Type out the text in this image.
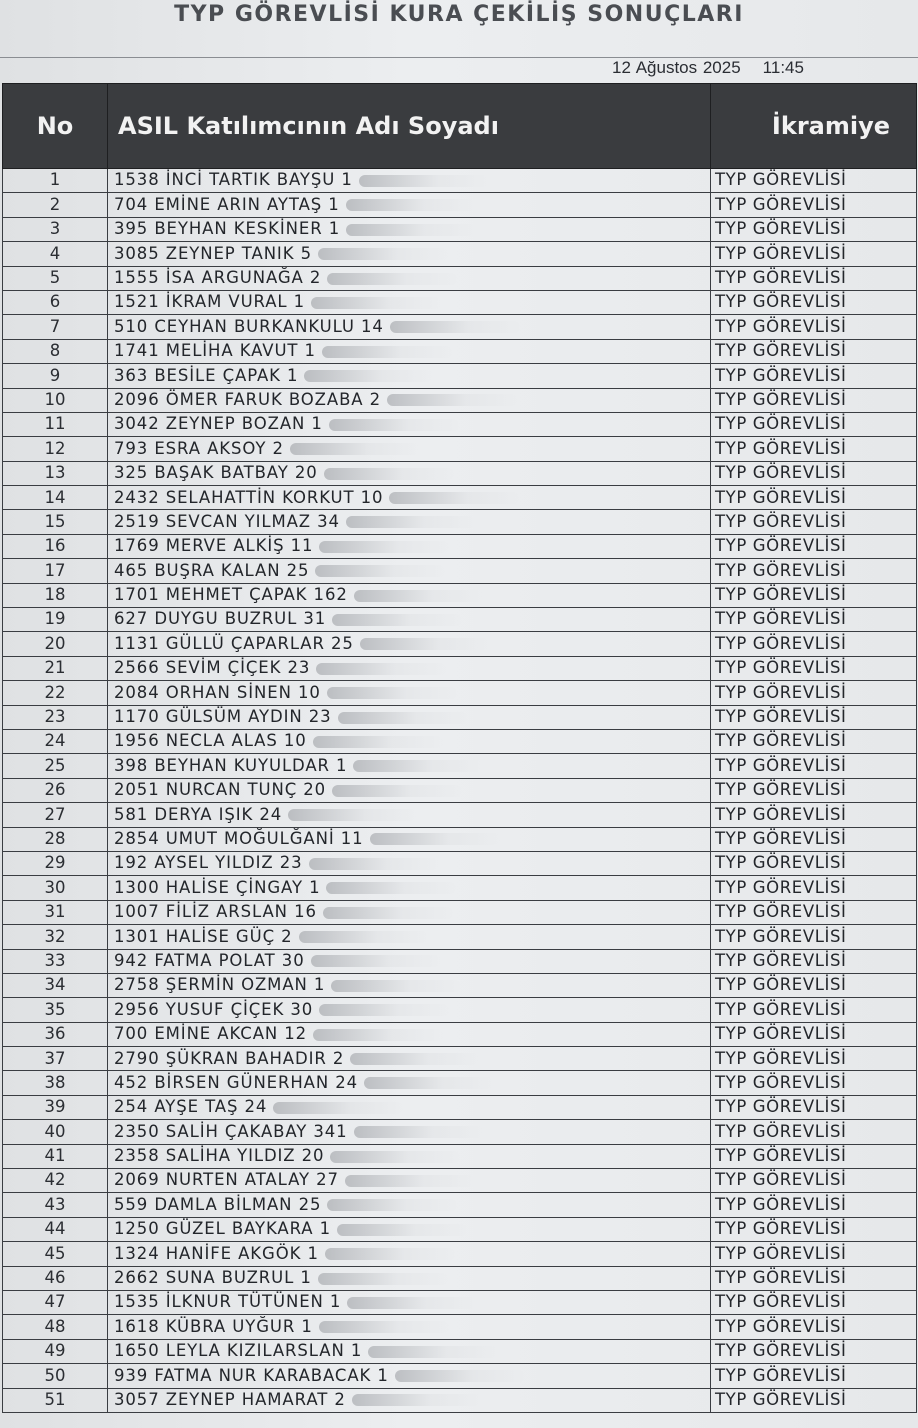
TYP GÖREVLİSİ KURA ÇEKİLİŞ SONUÇLARI
12 Ağustos 2025 11:45
No	ASIL Katılımcının Adı Soyadı	İkramiye
1	1538 İNCİ TARTIK BAYŞU 1	TYP GÖREVLİSİ
2	704 EMİNE ARIN AYTAŞ 1	TYP GÖREVLİSİ
3	395 BEYHAN KESKİNER 1	TYP GÖREVLİSİ
4	3085 ZEYNEP TANIK 5	TYP GÖREVLİSİ
5	1555 İSA ARGUNAĞA 2	TYP GÖREVLİSİ
6	1521 İKRAM VURAL 1	TYP GÖREVLİSİ
7	510 CEYHAN BURKANKULU 14	TYP GÖREVLİSİ
8	1741 MELİHA KAVUT 1	TYP GÖREVLİSİ
9	363 BESİLE ÇAPAK 1	TYP GÖREVLİSİ
10	2096 ÖMER FARUK BOZABA 2	TYP GÖREVLİSİ
11	3042 ZEYNEP BOZAN 1	TYP GÖREVLİSİ
12	793 ESRA AKSOY 2	TYP GÖREVLİSİ
13	325 BAŞAK BATBAY 20	TYP GÖREVLİSİ
14	2432 SELAHATTİN KORKUT 10	TYP GÖREVLİSİ
15	2519 SEVCAN YILMAZ 34	TYP GÖREVLİSİ
16	1769 MERVE ALKİŞ 11	TYP GÖREVLİSİ
17	465 BUŞRA KALAN 25	TYP GÖREVLİSİ
18	1701 MEHMET ÇAPAK 162	TYP GÖREVLİSİ
19	627 DUYGU BUZRUL 31	TYP GÖREVLİSİ
20	1131 GÜLLÜ ÇAPARLAR 25	TYP GÖREVLİSİ
21	2566 SEVİM ÇİÇEK 23	TYP GÖREVLİSİ
22	2084 ORHAN SİNEN 10	TYP GÖREVLİSİ
23	1170 GÜLSÜM AYDIN 23	TYP GÖREVLİSİ
24	1956 NECLA ALAS 10	TYP GÖREVLİSİ
25	398 BEYHAN KUYULDAR 1	TYP GÖREVLİSİ
26	2051 NURCAN TUNÇ 20	TYP GÖREVLİSİ
27	581 DERYA IŞIK 24	TYP GÖREVLİSİ
28	2854 UMUT MOĞULĞANİ 11	TYP GÖREVLİSİ
29	192 AYSEL YILDIZ 23	TYP GÖREVLİSİ
30	1300 HALİSE ÇİNGAY 1	TYP GÖREVLİSİ
31	1007 FİLİZ ARSLAN 16	TYP GÖREVLİSİ
32	1301 HALİSE GÜÇ 2	TYP GÖREVLİSİ
33	942 FATMA POLAT 30	TYP GÖREVLİSİ
34	2758 ŞERMİN OZMAN 1	TYP GÖREVLİSİ
35	2956 YUSUF ÇİÇEK 30	TYP GÖREVLİSİ
36	700 EMİNE AKCAN 12	TYP GÖREVLİSİ
37	2790 ŞÜKRAN BAHADIR 2	TYP GÖREVLİSİ
38	452 BİRSEN GÜNERHAN 24	TYP GÖREVLİSİ
39	254 AYŞE TAŞ 24	TYP GÖREVLİSİ
40	2350 SALİH ÇAKABAY 341	TYP GÖREVLİSİ
41	2358 SALİHA YILDIZ 20	TYP GÖREVLİSİ
42	2069 NURTEN ATALAY 27	TYP GÖREVLİSİ
43	559 DAMLA BİLMAN 25	TYP GÖREVLİSİ
44	1250 GÜZEL BAYKARA 1	TYP GÖREVLİSİ
45	1324 HANİFE AKGÖK 1	TYP GÖREVLİSİ
46	2662 SUNA BUZRUL 1	TYP GÖREVLİSİ
47	1535 İLKNUR TÜTÜNEN 1	TYP GÖREVLİSİ
48	1618 KÜBRA UYĞUR 1	TYP GÖREVLİSİ
49	1650 LEYLA KIZILARSLAN 1	TYP GÖREVLİSİ
50	939 FATMA NUR KARABACAK 1	TYP GÖREVLİSİ
51	3057 ZEYNEP HAMARAT 2	TYP GÖREVLİSİ
